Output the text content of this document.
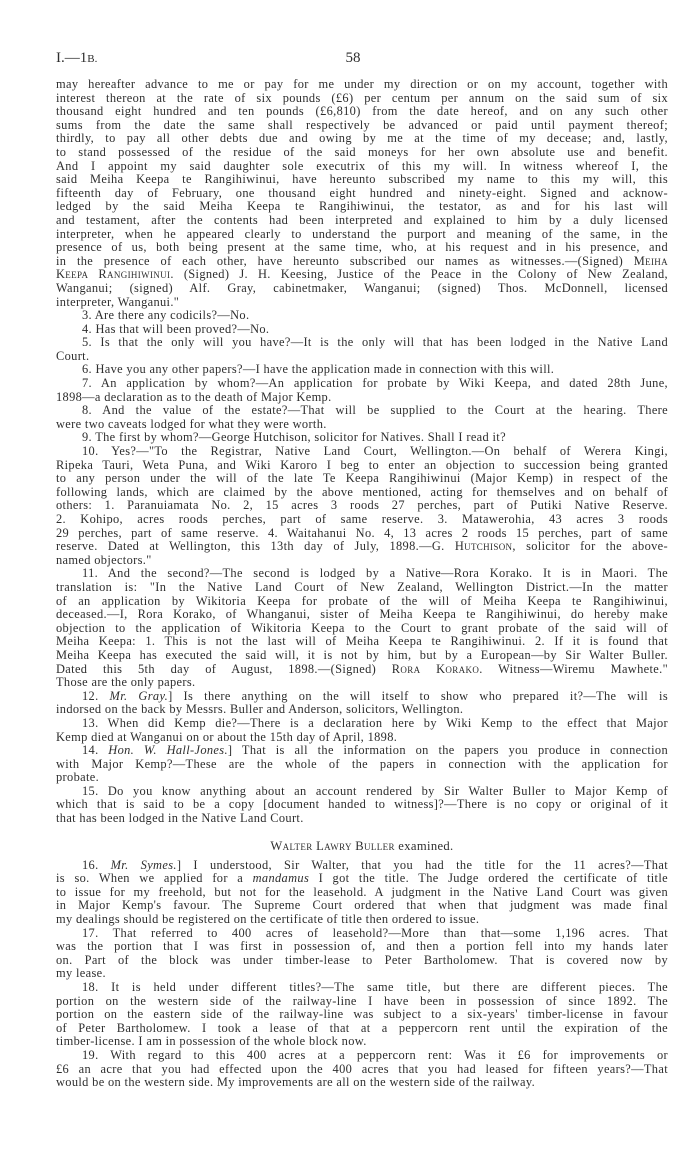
I.—1B.	58
may hereafter advance to me or pay for me under my direction or on my account, together with
interest thereon at the rate of six pounds (£6) per centum per annum on the said sum of six
thousand eight hundred and ten pounds (£6,810) from the date hereof, and on any such other
sums from the date the same shall respectively be advanced or paid until payment thereof;
thirdly, to pay all other debts due and owing by me at the time of my decease; and, lastly,
to stand possessed of the residue of the said moneys for her own absolute use and benefit.
And I appoint my said daughter sole executrix of this my will. In witness whereof I, the
said Meiha Keepa te Rangihiwinui, have hereunto subscribed my name to this my will, this
fifteenth day of February, one thousand eight hundred and ninety-eight. Signed and acknow-
ledged by the said Meiha Keepa te Rangihiwinui, the testator, as and for his last will
and testament, after the contents had been interpreted and explained to him by a duly licensed
interpreter, when he appeared clearly to understand the purport and meaning of the same, in the
presence of us, both being present at the same time, who, at his request and in his presence, and
in the presence of each other, have hereunto subscribed our names as witnesses.—(Signed) Meiha
Keepa Rangihiwinui. (Signed) J. H. Keesing, Justice of the Peace in the Colony of New Zealand,
Wanganui; (signed) Alf. Gray, cabinetmaker, Wanganui; (signed) Thos. McDonnell, licensed
interpreter, Wanganui."
3. Are there any codicils?—No.
4. Has that will been proved?—No.
5. Is that the only will you have?—It is the only will that has been lodged in the Native Land
Court.
6. Have you any other papers?—I have the application made in connection with this will.
7. An application by whom?—An application for probate by Wiki Keepa, and dated 28th June,
1898—a declaration as to the death of Major Kemp.
8. And the value of the estate?—That will be supplied to the Court at the hearing. There
were two caveats lodged for what they were worth.
9. The first by whom?—George Hutchison, solicitor for Natives. Shall I read it?
10. Yes?—"To the Registrar, Native Land Court, Wellington.—On behalf of Werera Kingi,
Ripeka Tauri, Weta Puna, and Wiki Karoro I beg to enter an objection to succession being granted
to any person under the will of the late Te Keepa Rangihiwinui (Major Kemp) in respect of the
following lands, which are claimed by the above mentioned, acting for themselves and on behalf of
others: 1. Paranuiamata No. 2, 15 acres 3 roods 27 perches, part of Putiki Native Reserve.
2. Kohipo, acres roods perches, part of same reserve. 3. Matawerohia, 43 acres 3 roods
29 perches, part of same reserve. 4. Waitahanui No. 4, 13 acres 2 roods 15 perches, part of same
reserve. Dated at Wellington, this 13th day of July, 1898.—G. Hutchison, solicitor for the above-
named objectors."
11. And the second?—The second is lodged by a Native—Rora Korako. It is in Maori. The
translation is: "In the Native Land Court of New Zealand, Wellington District.—In the matter
of an application by Wikitoria Keepa for probate of the will of Meiha Keepa te Rangihiwinui,
deceased.—I, Rora Korako, of Whanganui, sister of Meiha Keepa te Rangihiwinui, do hereby make
objection to the application of Wikitoria Keepa to the Court to grant probate of the said will of
Meiha Keepa: 1. This is not the last will of Meiha Keepa te Rangihiwinui. 2. If it is found that
Meiha Keepa has executed the said will, it is not by him, but by a European—by Sir Walter Buller.
Dated this 5th day of August, 1898.—(Signed) Rora Korako. Witness—Wiremu Mawhete."
Those are the only papers.
12. Mr. Gray.] Is there anything on the will itself to show who prepared it?—The will is
indorsed on the back by Messrs. Buller and Anderson, solicitors, Wellington.
13. When did Kemp die?—There is a declaration here by Wiki Kemp to the effect that Major
Kemp died at Wanganui on or about the 15th day of April, 1898.
14. Hon. W. Hall-Jones.] That is all the information on the papers you produce in connection
with Major Kemp?—These are the whole of the papers in connection with the application for
probate.
15. Do you know anything about an account rendered by Sir Walter Buller to Major Kemp of
which that is said to be a copy [document handed to witness]?—There is no copy or original of it
that has been lodged in the Native Land Court.
Walter Lawry Buller examined.
16. Mr. Symes.] I understood, Sir Walter, that you had the title for the 11 acres?—That
is so. When we applied for a mandamus I got the title. The Judge ordered the certificate of title
to issue for my freehold, but not for the leasehold. A judgment in the Native Land Court was given
in Major Kemp's favour. The Supreme Court ordered that when that judgment was made final
my dealings should be registered on the certificate of title then ordered to issue.
17. That referred to 400 acres of leasehold?—More than that—some 1,196 acres. That
was the portion that I was first in possession of, and then a portion fell into my hands later
on. Part of the block was under timber-lease to Peter Bartholomew. That is covered now by
my lease.
18. It is held under different titles?—The same title, but there are different pieces. The
portion on the western side of the railway-line I have been in possession of since 1892. The
portion on the eastern side of the railway-line was subject to a six-years' timber-license in favour
of Peter Bartholomew. I took a lease of that at a peppercorn rent until the expiration of the
timber-license. I am in possession of the whole block now.
19. With regard to this 400 acres at a peppercorn rent: Was it £6 for improvements or
£6 an acre that you had effected upon the 400 acres that you had leased for fifteen years?—That
would be on the western side. My improvements are all on the western side of the railway.
